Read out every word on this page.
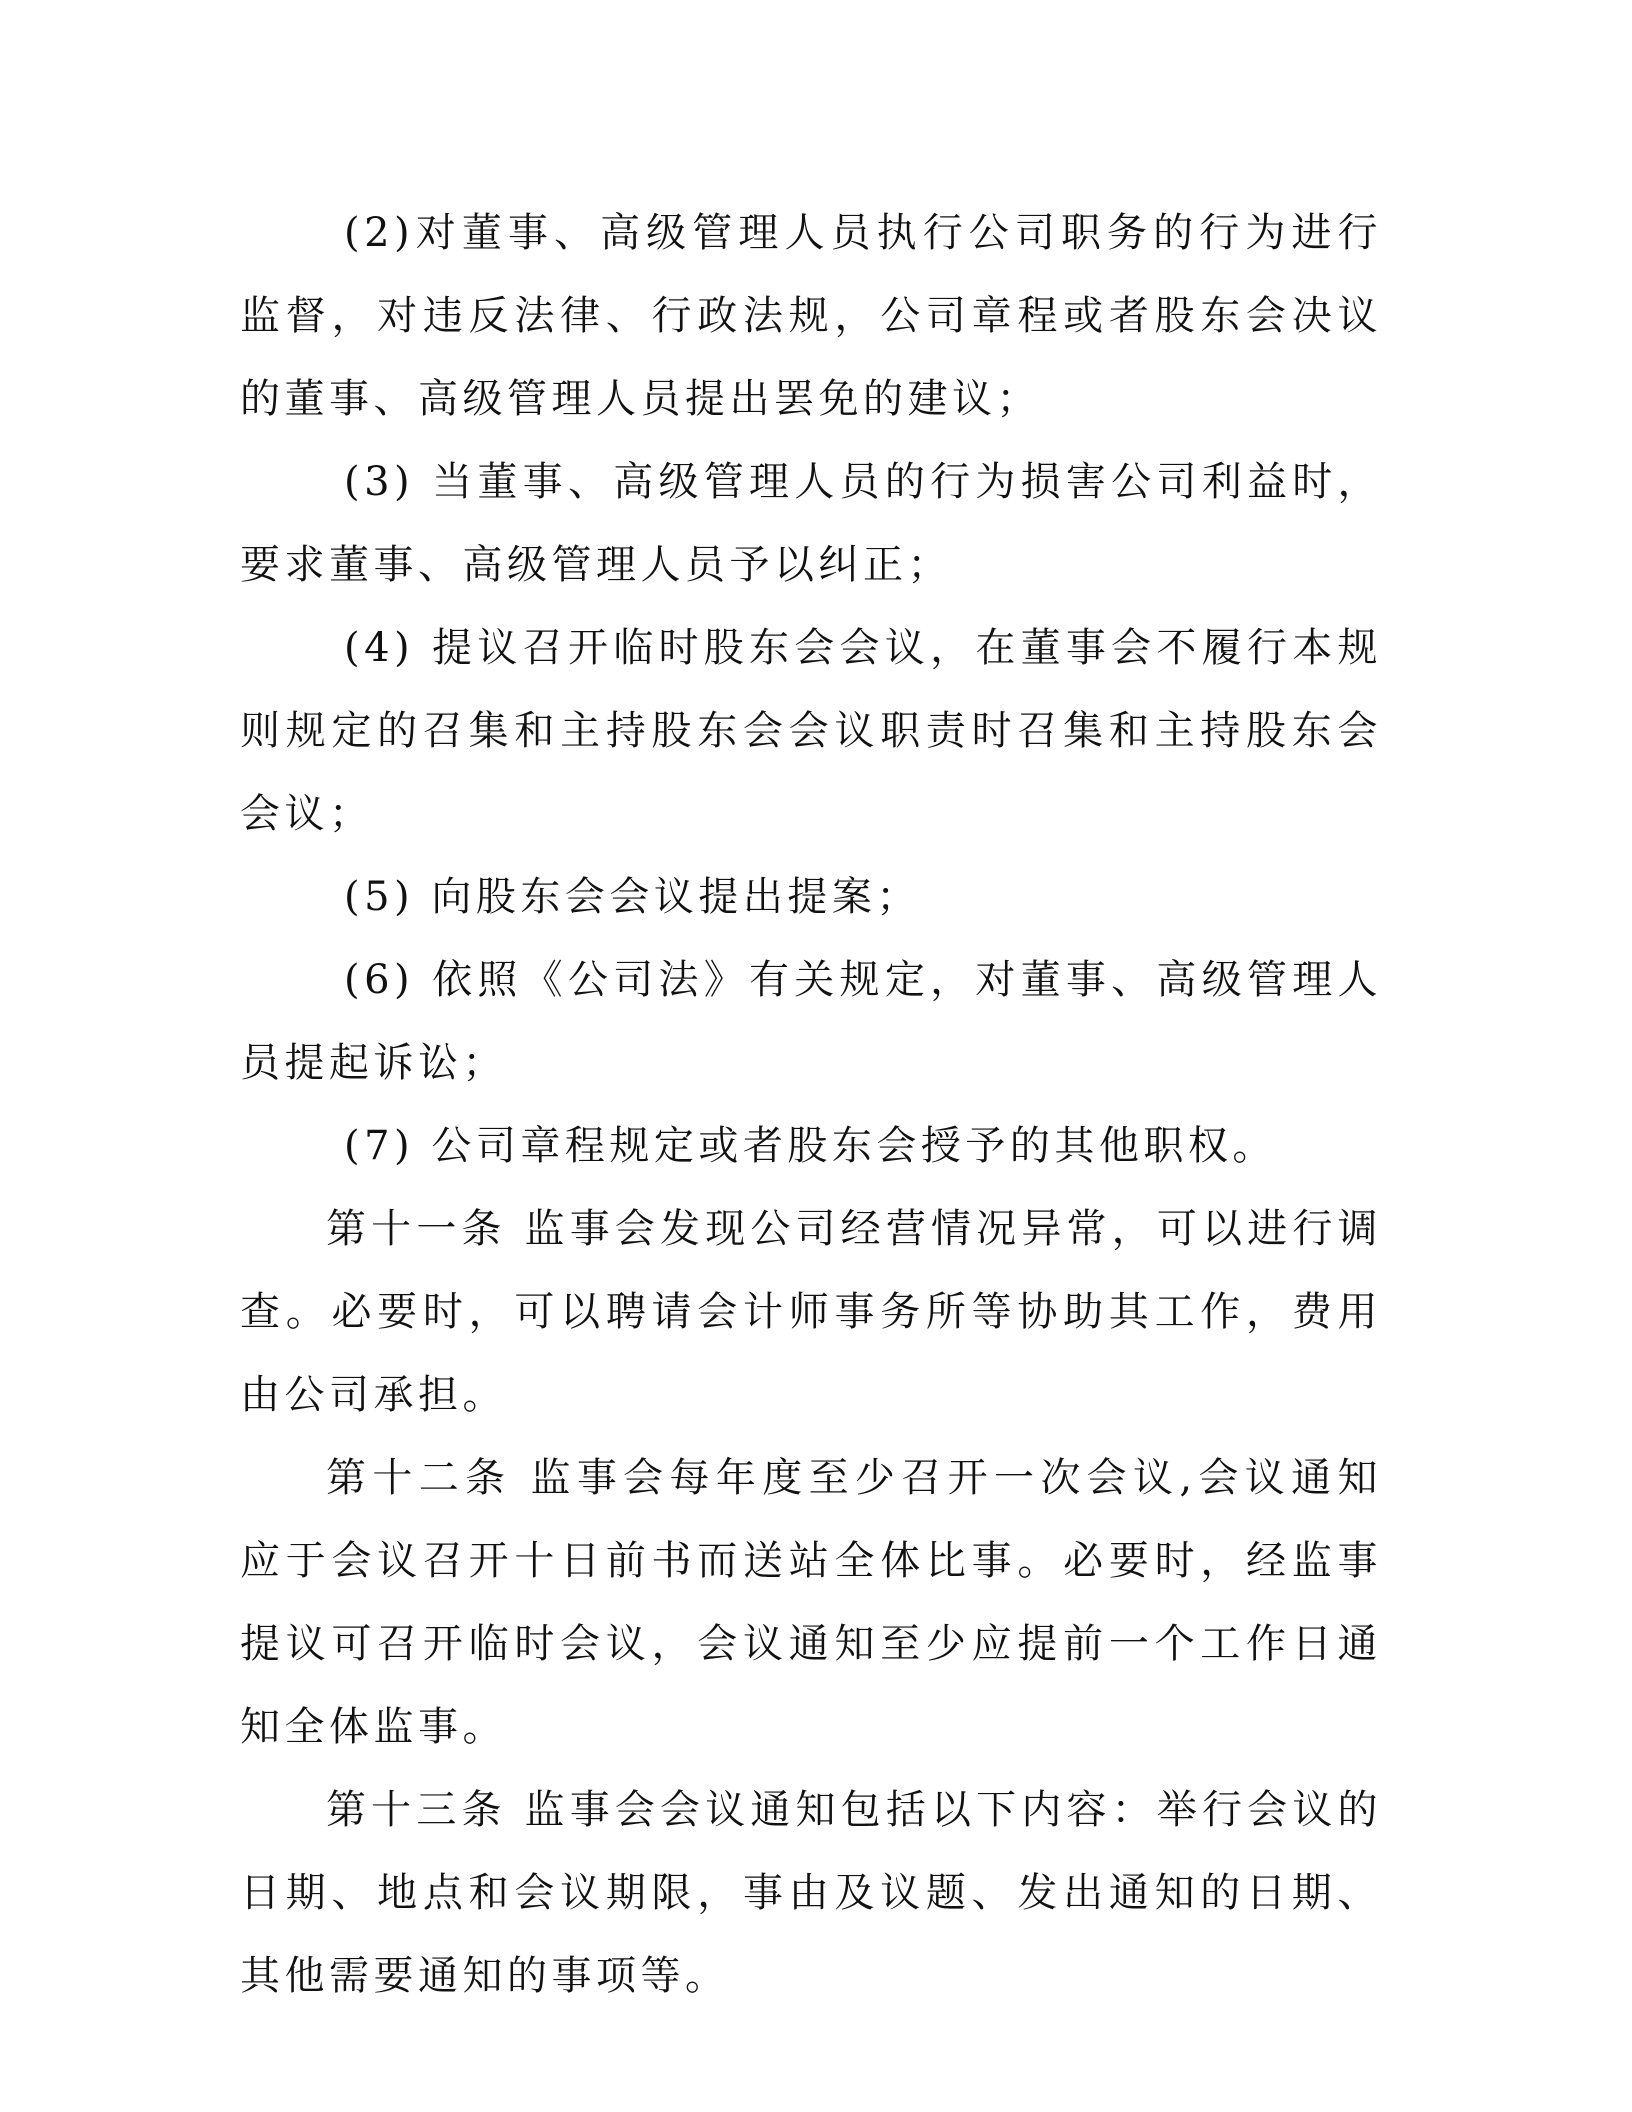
(2)对董事、高级管理人员执行公司职务的行为进行监督，对违反法律、行政法规，公司章程或者股东会决议的董事、高级管理人员提出罢免的建议；

(3) 当董事、高级管理人员的行为损害公司利益时，要求董事、高级管理人员予以纠正；

(4) 提议召开临时股东会会议，在董事会不履行本规则规定的召集和主持股东会会议职责时召集和主持股东会会议；

(5) 向股东会会议提出提案；

(6) 依照《公司法》有关规定，对董事、高级管理人员提起诉讼；

(7) 公司章程规定或者股东会授予的其他职权。

第十一条 监事会发现公司经营情况异常，可以进行调查。必要时，可以聘请会计师事务所等协助其工作，费用由公司承担。

第十二条 监事会每年度至少召开一次会议,会议通知应于会议召开十日前书而送站全体比事。必要时，经监事提议可召开临时会议，会议通知至少应提前一个工作日通知全体监事。

第十三条 监事会会议通知包括以下内容：举行会议的日期、地点和会议期限，事由及议题、发出通知的日期、其他需要通知的事项等。
